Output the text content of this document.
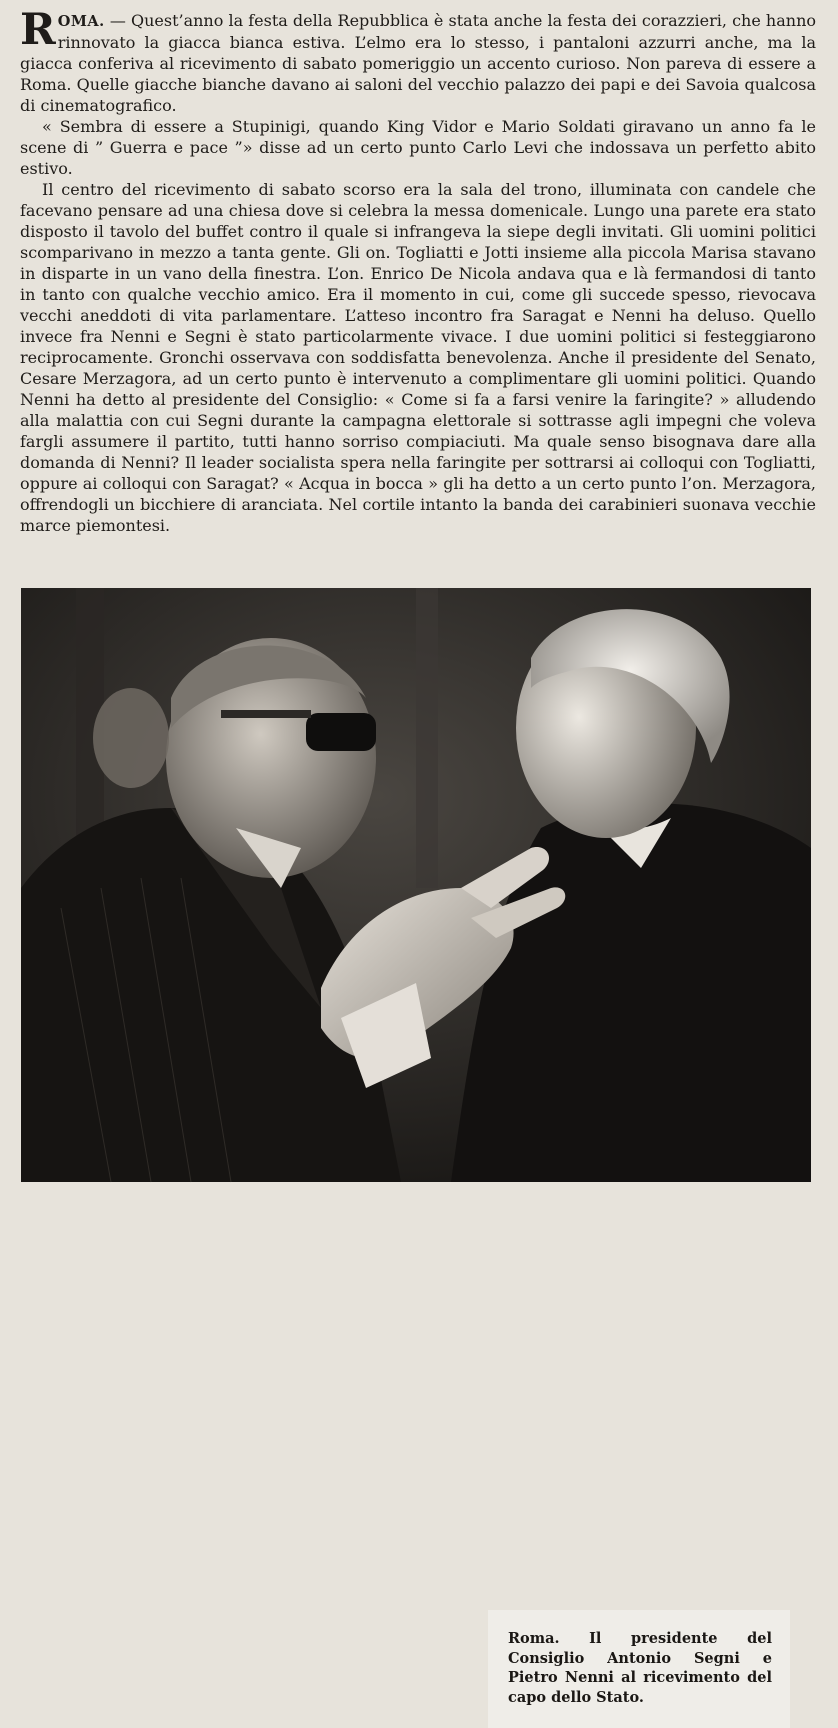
ROMA. — Quest’anno la festa della Repubblica è stata anche la festa dei corazzieri, che hanno rinnovato la giacca bianca estiva. L’elmo era lo stesso, i pantaloni azzurri anche, ma la giacca conferiva al ricevimento di sabato pomeriggio un accento curioso. Non pareva di essere a Roma. Quelle giacche bianche davano ai saloni del vecchio palazzo dei papi e dei Savoia qualcosa di cinematografico.

« Sembra di essere a Stupinigi, quando King Vidor e Mario Soldati giravano un anno fa le scene di ” Guerra e pace ”» disse ad un certo punto Carlo Levi che indossava un perfetto abito estivo.

Il centro del ricevimento di sabato scorso era la sala del trono, illuminata con candele che facevano pensare ad una chiesa dove si celebra la messa domenicale. Lungo una parete era stato disposto il tavolo del buffet contro il quale si infrangeva la siepe degli invitati. Gli uomini politici scomparivano in mezzo a tanta gente. Gli on. Togliatti e Jotti insieme alla piccola Marisa stavano in disparte in un vano della finestra. L’on. Enrico De Nicola andava qua e là fermandosi di tanto in tanto con qualche vecchio amico. Era il momento in cui, come gli succede spesso, rievocava vecchi aneddoti di vita parlamentare. L’atteso incontro fra Saragat e Nenni ha deluso. Quello invece fra Nenni e Segni è stato particolarmente vivace. I due uomini politici si festeggiarono reciprocamente. Gronchi osservava con soddisfatta benevolenza. Anche il presidente del Senato, Cesare Merzagora, ad un certo punto è intervenuto a complimentare gli uomini politici. Quando Nenni ha detto al presidente del Consiglio: « Come si fa a farsi venire la faringite? » alludendo alla malattia con cui Segni durante la campagna elettorale si sottrasse agli impegni che voleva fargli assumere il partito, tutti hanno sorriso compiaciuti. Ma quale senso bisognava dare alla domanda di Nenni? Il leader socialista spera nella faringite per sottrarsi ai colloqui con Togliatti, oppure ai colloqui con Saragat? « Acqua in bocca » gli ha detto a un certo punto l’on. Merzagora, offrendogli un bicchiere di aranciata. Nel cortile intanto la banda dei carabinieri suonava vecchie marce piemontesi.

Roma. Il presidente del Consiglio Antonio Segni e Pietro Nenni al ricevimento del capo dello Stato.
